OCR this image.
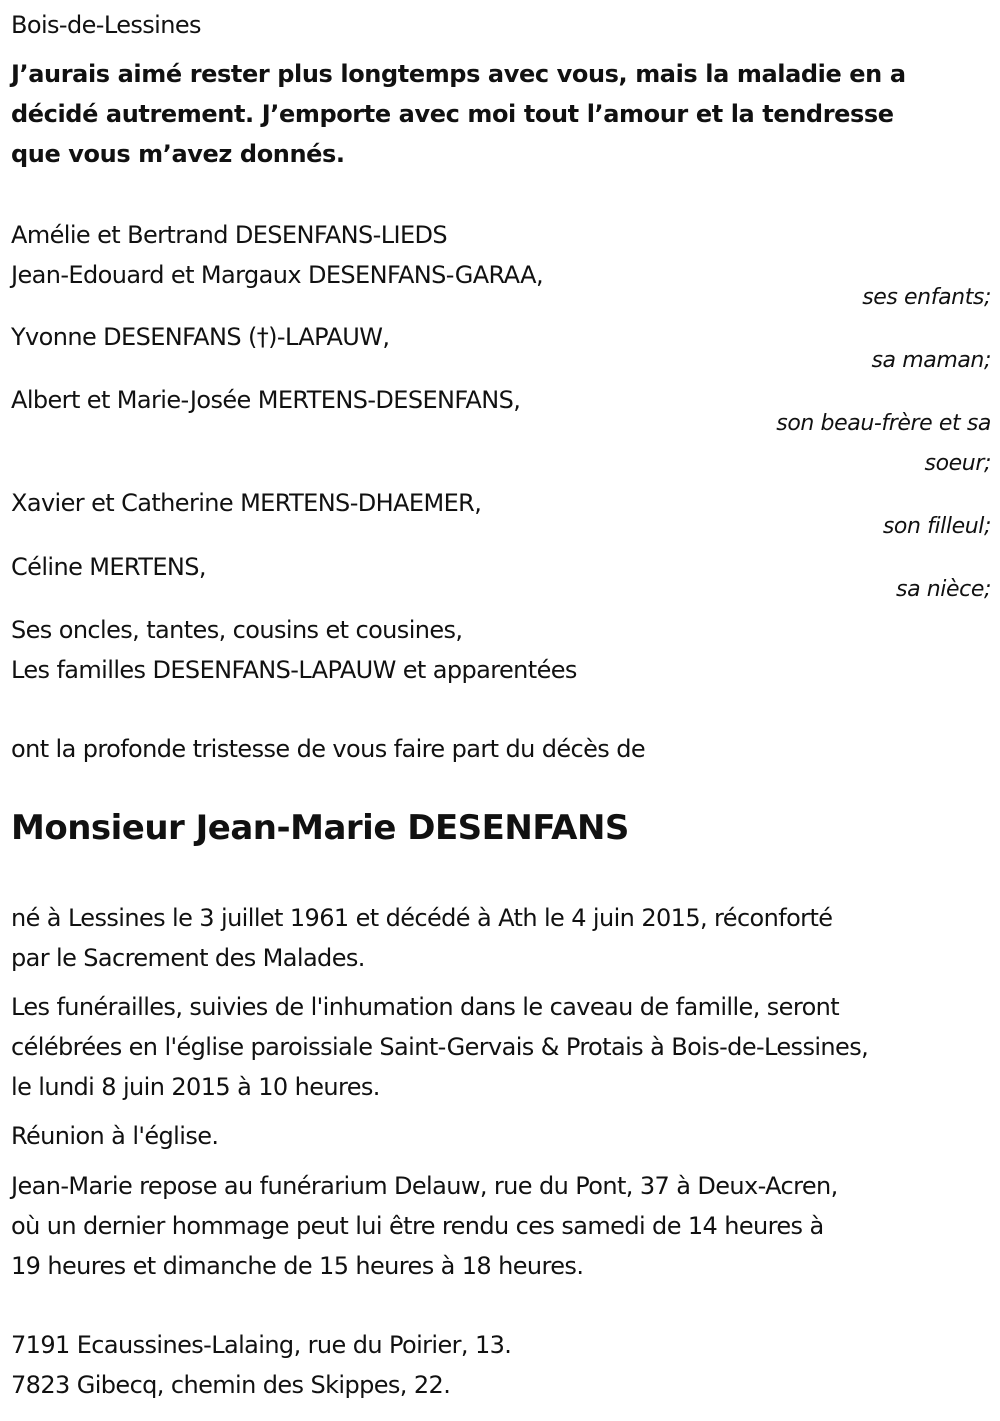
Bois-de-Lessines
J’aurais aimé rester plus longtemps avec vous, mais la maladie en a
décidé autrement. J’emporte avec moi tout l’amour et la tendresse
que vous m’avez donnés.
Amélie et Bertrand DESENFANS-LIEDS
Jean-Edouard et Margaux DESENFANS-GARAA,
ses enfants;
Yvonne DESENFANS (†)-LAPAUW,
sa maman;
Albert et Marie-Josée MERTENS-DESENFANS,
son beau-frère et sa
soeur;
Xavier et Catherine MERTENS-DHAEMER,
son filleul;
Céline MERTENS,
sa nièce;
Ses oncles, tantes, cousins et cousines,
Les familles DESENFANS-LAPAUW et apparentées
ont la profonde tristesse de vous faire part du décès de
Monsieur Jean-Marie DESENFANS
né à Lessines le 3 juillet 1961 et décédé à Ath le 4 juin 2015, réconforté
par le Sacrement des Malades.
Les funérailles, suivies de l'inhumation dans le caveau de famille, seront
célébrées en l'église paroissiale Saint-Gervais & Protais à Bois-de-Lessines,
le lundi 8 juin 2015 à 10 heures.
Réunion à l'église.
Jean-Marie repose au funérarium Delauw, rue du Pont, 37 à Deux-Acren,
où un dernier hommage peut lui être rendu ces samedi de 14 heures à
19 heures et dimanche de 15 heures à 18 heures.
7191 Ecaussines-Lalaing, rue du Poirier, 13.
7823 Gibecq, chemin des Skippes, 22.
